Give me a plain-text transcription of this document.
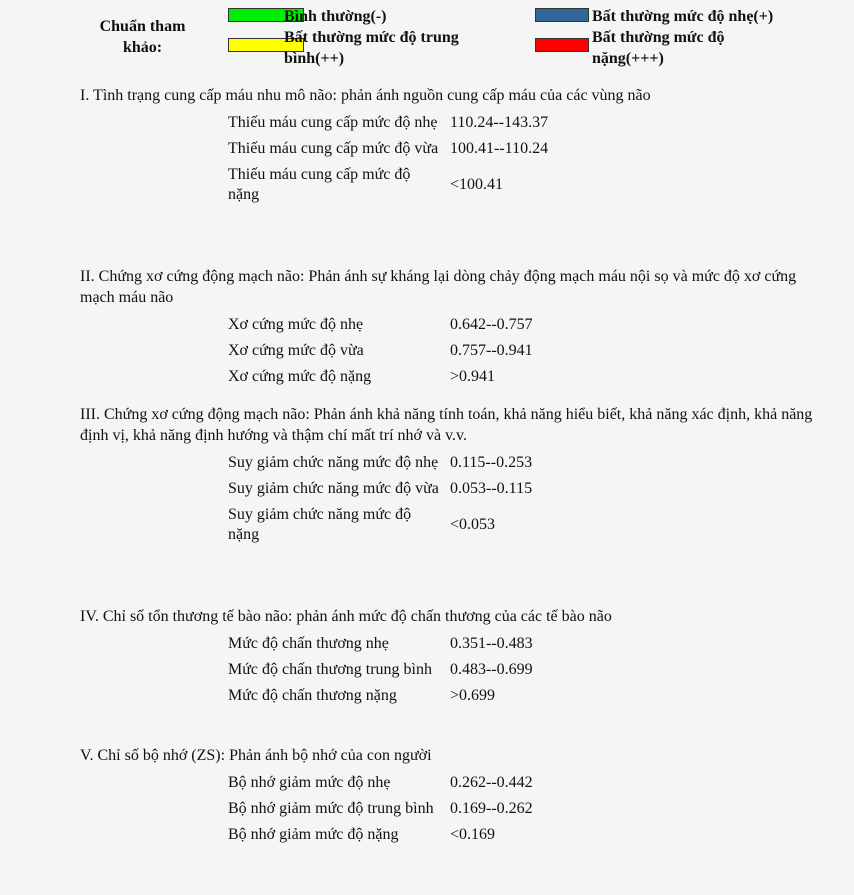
Chuẩn tham khảo:
Bình thường(-)	Bất thường mức độ nhẹ(+)
Bất thường mức độ trung bình(++)
Bất thường mức độ nặng(+++)

I. Tình trạng cung cấp máu nhu mô não: phản ánh nguồn cung cấp máu của các vùng não

Thiếu máu cung cấp mức độ nhẹ	110.24--143.37
Thiếu máu cung cấp mức độ vừa	100.41--110.24
Thiếu máu cung cấp mức độ nặng	<100.41

II. Chứng xơ cứng động mạch não: Phản ánh sự kháng lại dòng chảy động mạch máu nội sọ và mức độ xơ cứng mạch máu não

Xơ cứng mức độ nhẹ	0.642--0.757
Xơ cứng mức độ vừa	0.757--0.941
Xơ cứng mức độ nặng	>0.941

III. Chứng xơ cứng động mạch não: Phản ánh khả năng tính toán, khả năng hiểu biết, khả năng xác định, khả năng định vị, khả năng định hướng và thậm chí mất trí nhớ và v.v.

Suy giảm chức năng mức độ nhẹ	0.115--0.253
Suy giảm chức năng mức độ vừa	0.053--0.115
Suy giảm chức năng mức độ nặng	<0.053

IV. Chỉ số tổn thương tế bào não: phản ánh mức độ chấn thương của các tế bào não

Mức độ chấn thương nhẹ	0.351--0.483
Mức độ chấn thương trung bình	0.483--0.699
Mức độ chấn thương nặng	>0.699

V. Chỉ số bộ nhớ (ZS): Phản ánh bộ nhớ của con người

Bộ nhớ giảm mức độ nhẹ	0.262--0.442
Bộ nhớ giảm mức độ trung bình	0.169--0.262
Bộ nhớ giảm mức độ nặng	<0.169
